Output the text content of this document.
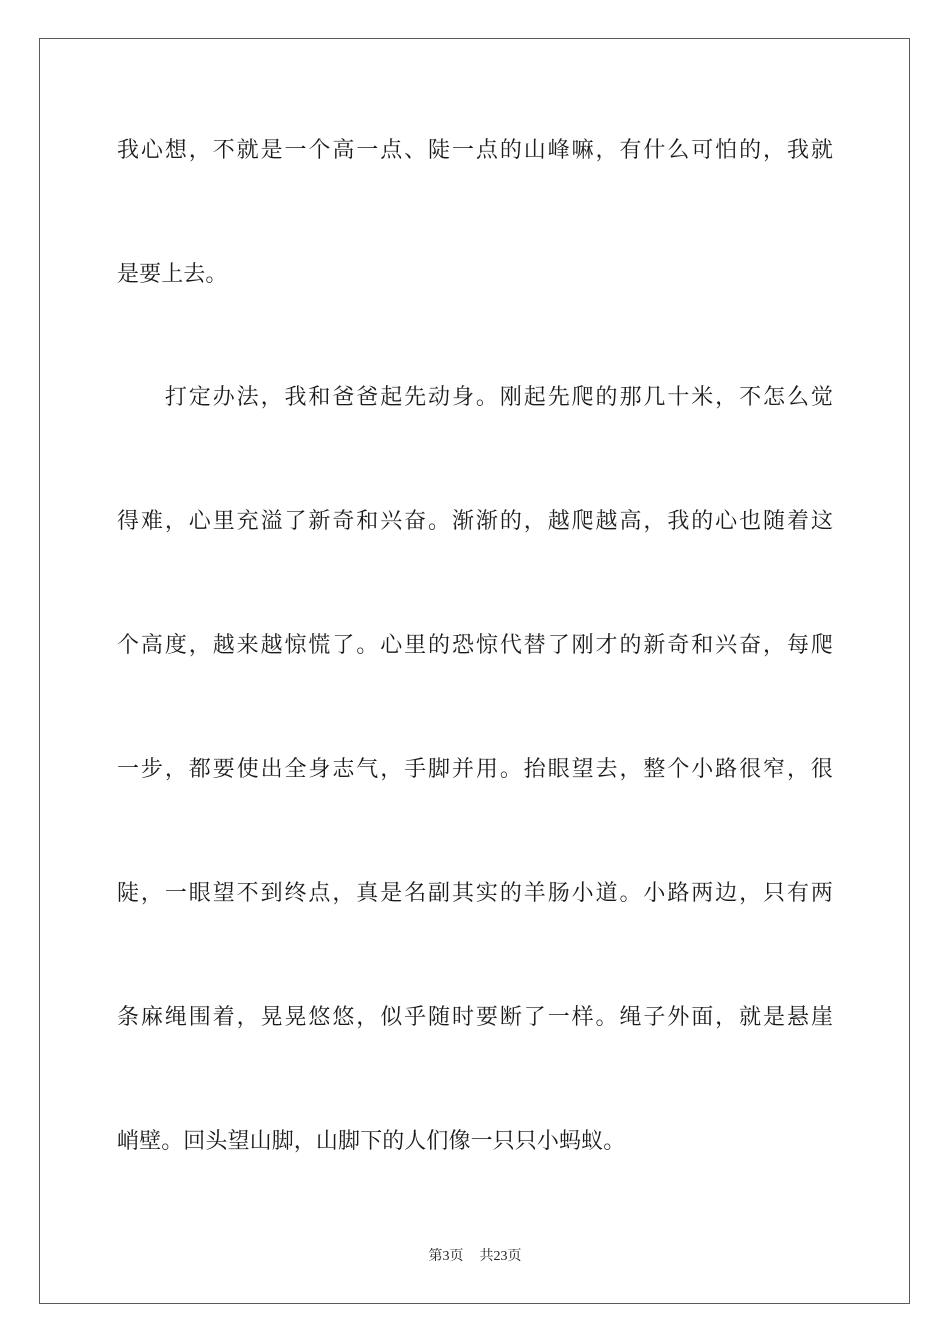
我心想，不就是一个高一点、陡一点的山峰嘛，有什么可怕的，我就
是要上去。
　　打定办法，我和爸爸起先动身。刚起先爬的那几十米，不怎么觉
得难，心里充溢了新奇和兴奋。渐渐的，越爬越高，我的心也随着这
个高度，越来越惊慌了。心里的恐惊代替了刚才的新奇和兴奋，每爬
一步，都要使出全身志气，手脚并用。抬眼望去，整个小路很窄，很
陡，一眼望不到终点，真是名副其实的羊肠小道。小路两边，只有两
条麻绳围着，晃晃悠悠，似乎随时要断了一样。绳子外面，就是悬崖
峭壁。回头望山脚，山脚下的人们像一只只小蚂蚁。
第3页 共23页
